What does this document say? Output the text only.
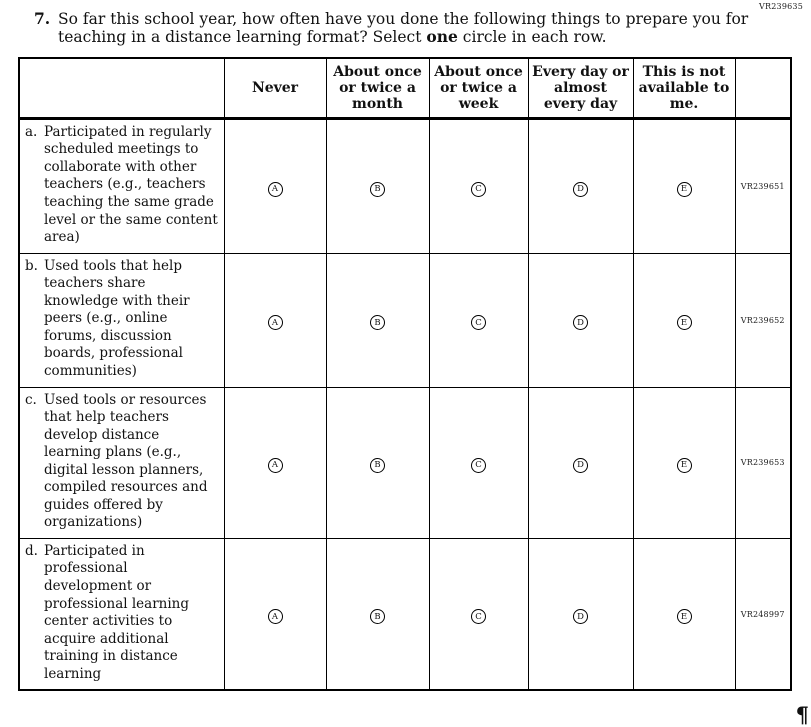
VR239635
7. So far this school year, how often have you done the following things to prepare you for teaching in a distance learning format? Select one circle in each row.
	Never	About once or twice a month	About once or twice a week	Every day or almost every day	This is not available to me.	

a. Participated in regularly scheduled meetings to collaborate with other teachers (e.g., teachers teaching the same grade level or the same content area)	A	B	C	D	E	VR239651

b. Used tools that help teachers share knowledge with their peers (e.g., online forums, discussion boards, professional communities)	A	B	C	D	E	VR239652

c. Used tools or resources that help teachers develop distance learning plans (e.g., digital lesson planners, compiled resources and guides offered by organizations)	A	B	C	D	E	VR239653

d. Participated in professional development or professional learning center activities to acquire additional training in distance learning	A	B	C	D	E	VR248997
¶
